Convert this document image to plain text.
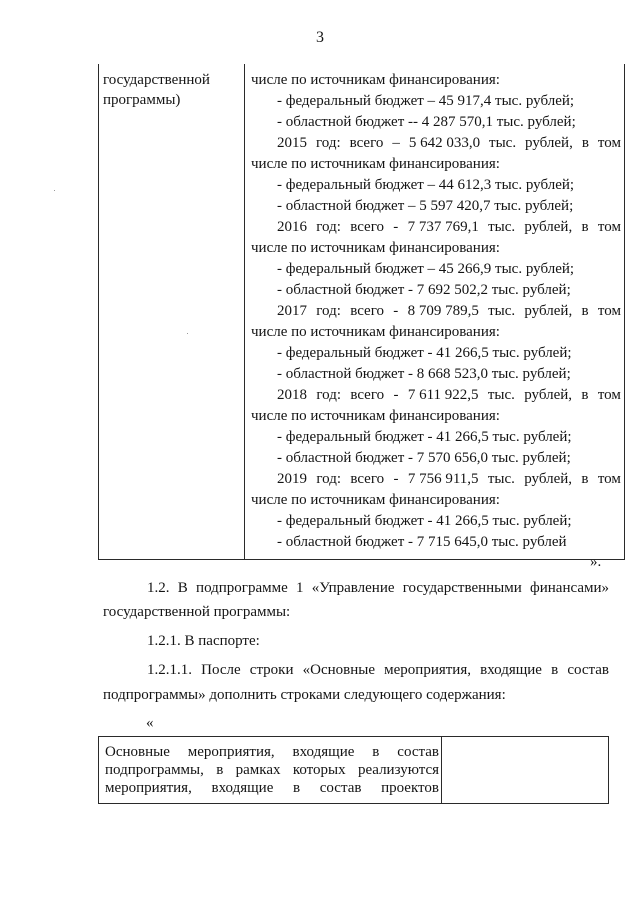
3
государственной
программы)

числе по источникам финансирования:
- федеральный бюджет – 45 917,4 тыс. рублей;
- областной бюджет -- 4 287 570,1 тыс. рублей;
2015 год: всего – 5 642 033,0 тыс. рублей, в том
числе по источникам финансирования:
- федеральный бюджет – 44 612,3 тыс. рублей;
- областной бюджет – 5 597 420,7 тыс. рублей;
2016 год: всего - 7 737 769,1 тыс. рублей, в том
числе по источникам финансирования:
- федеральный бюджет – 45 266,9 тыс. рублей;
- областной бюджет - 7 692 502,2 тыс. рублей;
2017 год: всего - 8 709 789,5 тыс. рублей, в том
числе по источникам финансирования:
- федеральный бюджет - 41 266,5 тыс. рублей;
- областной бюджет - 8 668 523,0 тыс. рублей;
2018 год: всего - 7 611 922,5 тыс. рублей, в том
числе по источникам финансирования:
- федеральный бюджет - 41 266,5 тыс. рублей;
- областной бюджет - 7 570 656,0 тыс. рублей;
2019 год: всего - 7 756 911,5 тыс. рублей, в том
числе по источникам финансирования:
- федеральный бюджет - 41 266,5 тыс. рублей;
- областной бюджет - 7 715 645,0 тыс. рублей
».
1.2. В подпрограмме 1 «Управление государственными финансами»
государственной программы:
1.2.1. В паспорте:
1.2.1.1. После строки «Основные мероприятия, входящие в состав
подпрограммы» дополнить строками следующего содержания:
«
Основные мероприятия, входящие в состав
подпрограммы, в рамках которых реализуются
мероприятия, входящие в состав проектов
